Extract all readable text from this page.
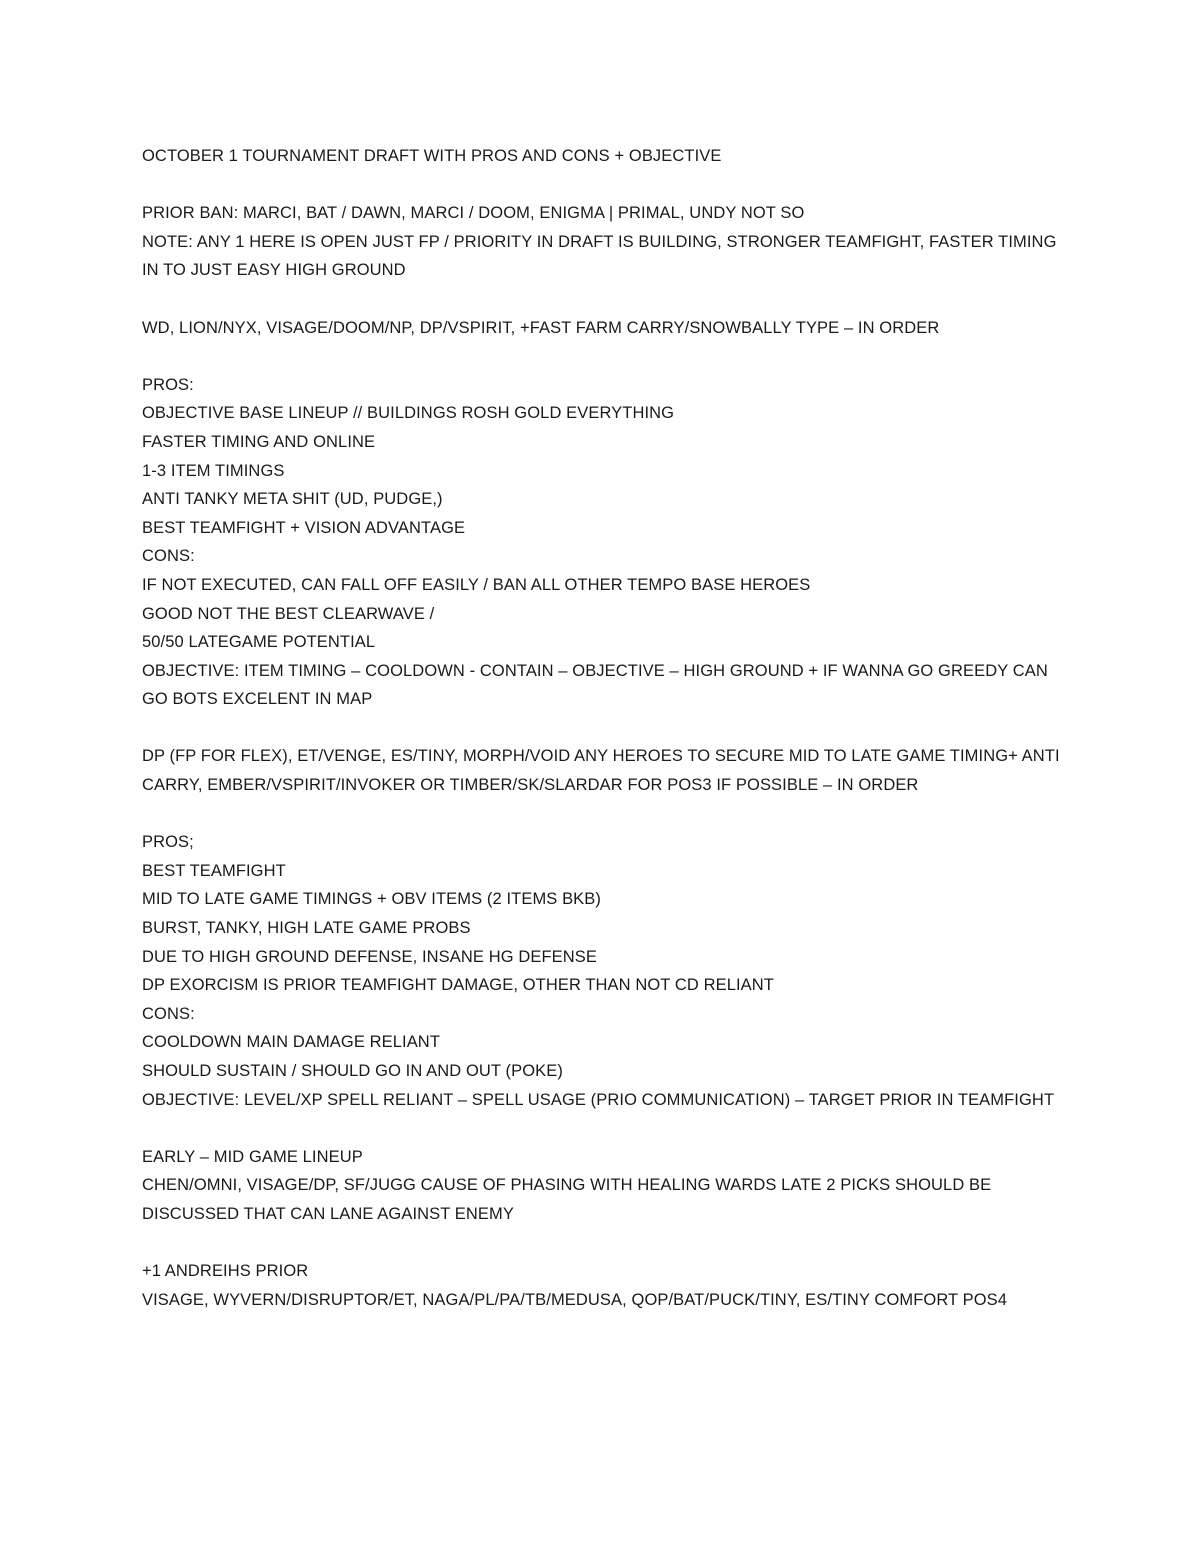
OCTOBER 1 TOURNAMENT DRAFT WITH PROS AND CONS + OBJECTIVE
PRIOR BAN: MARCI, BAT / DAWN, MARCI / DOOM, ENIGMA | PRIMAL, UNDY NOT SO
NOTE: ANY 1 HERE IS OPEN JUST FP / PRIORITY IN DRAFT IS BUILDING, STRONGER TEAMFIGHT, FASTER TIMING IN TO JUST EASY HIGH GROUND
WD, LION/NYX, VISAGE/DOOM/NP, DP/VSPIRIT, +FAST FARM CARRY/SNOWBALLY TYPE – IN ORDER
PROS:
OBJECTIVE BASE LINEUP // BUILDINGS ROSH GOLD EVERYTHING
FASTER TIMING AND ONLINE
1-3 ITEM TIMINGS
ANTI TANKY META SHIT (UD, PUDGE,)
BEST TEAMFIGHT + VISION ADVANTAGE
CONS:
IF NOT EXECUTED, CAN FALL OFF EASILY / BAN ALL OTHER TEMPO BASE HEROES
GOOD NOT THE BEST CLEARWAVE /
50/50 LATEGAME POTENTIAL
OBJECTIVE: ITEM TIMING – COOLDOWN - CONTAIN – OBJECTIVE – HIGH GROUND + IF WANNA GO GREEDY CAN GO BOTS EXCELENT IN MAP
DP (FP FOR FLEX), ET/VENGE, ES/TINY, MORPH/VOID ANY HEROES TO SECURE MID TO LATE GAME TIMING+ ANTI CARRY, EMBER/VSPIRIT/INVOKER OR TIMBER/SK/SLARDAR FOR POS3 IF POSSIBLE – IN ORDER
PROS;
BEST TEAMFIGHT
MID TO LATE GAME TIMINGS + OBV ITEMS (2 ITEMS BKB)
BURST, TANKY, HIGH LATE GAME PROBS
DUE TO HIGH GROUND DEFENSE, INSANE HG DEFENSE
DP EXORCISM IS PRIOR TEAMFIGHT DAMAGE, OTHER THAN NOT CD RELIANT
CONS:
COOLDOWN MAIN DAMAGE RELIANT
SHOULD SUSTAIN / SHOULD GO IN AND OUT (POKE)
OBJECTIVE: LEVEL/XP SPELL RELIANT – SPELL USAGE (PRIO COMMUNICATION) – TARGET PRIOR IN TEAMFIGHT
EARLY – MID GAME LINEUP
CHEN/OMNI, VISAGE/DP, SF/JUGG CAUSE OF PHASING WITH HEALING WARDS LATE 2 PICKS SHOULD BE DISCUSSED THAT CAN LANE AGAINST ENEMY
+1 ANDREIHS PRIOR
VISAGE, WYVERN/DISRUPTOR/ET, NAGA/PL/PA/TB/MEDUSA, QOP/BAT/PUCK/TINY, ES/TINY COMFORT POS4
